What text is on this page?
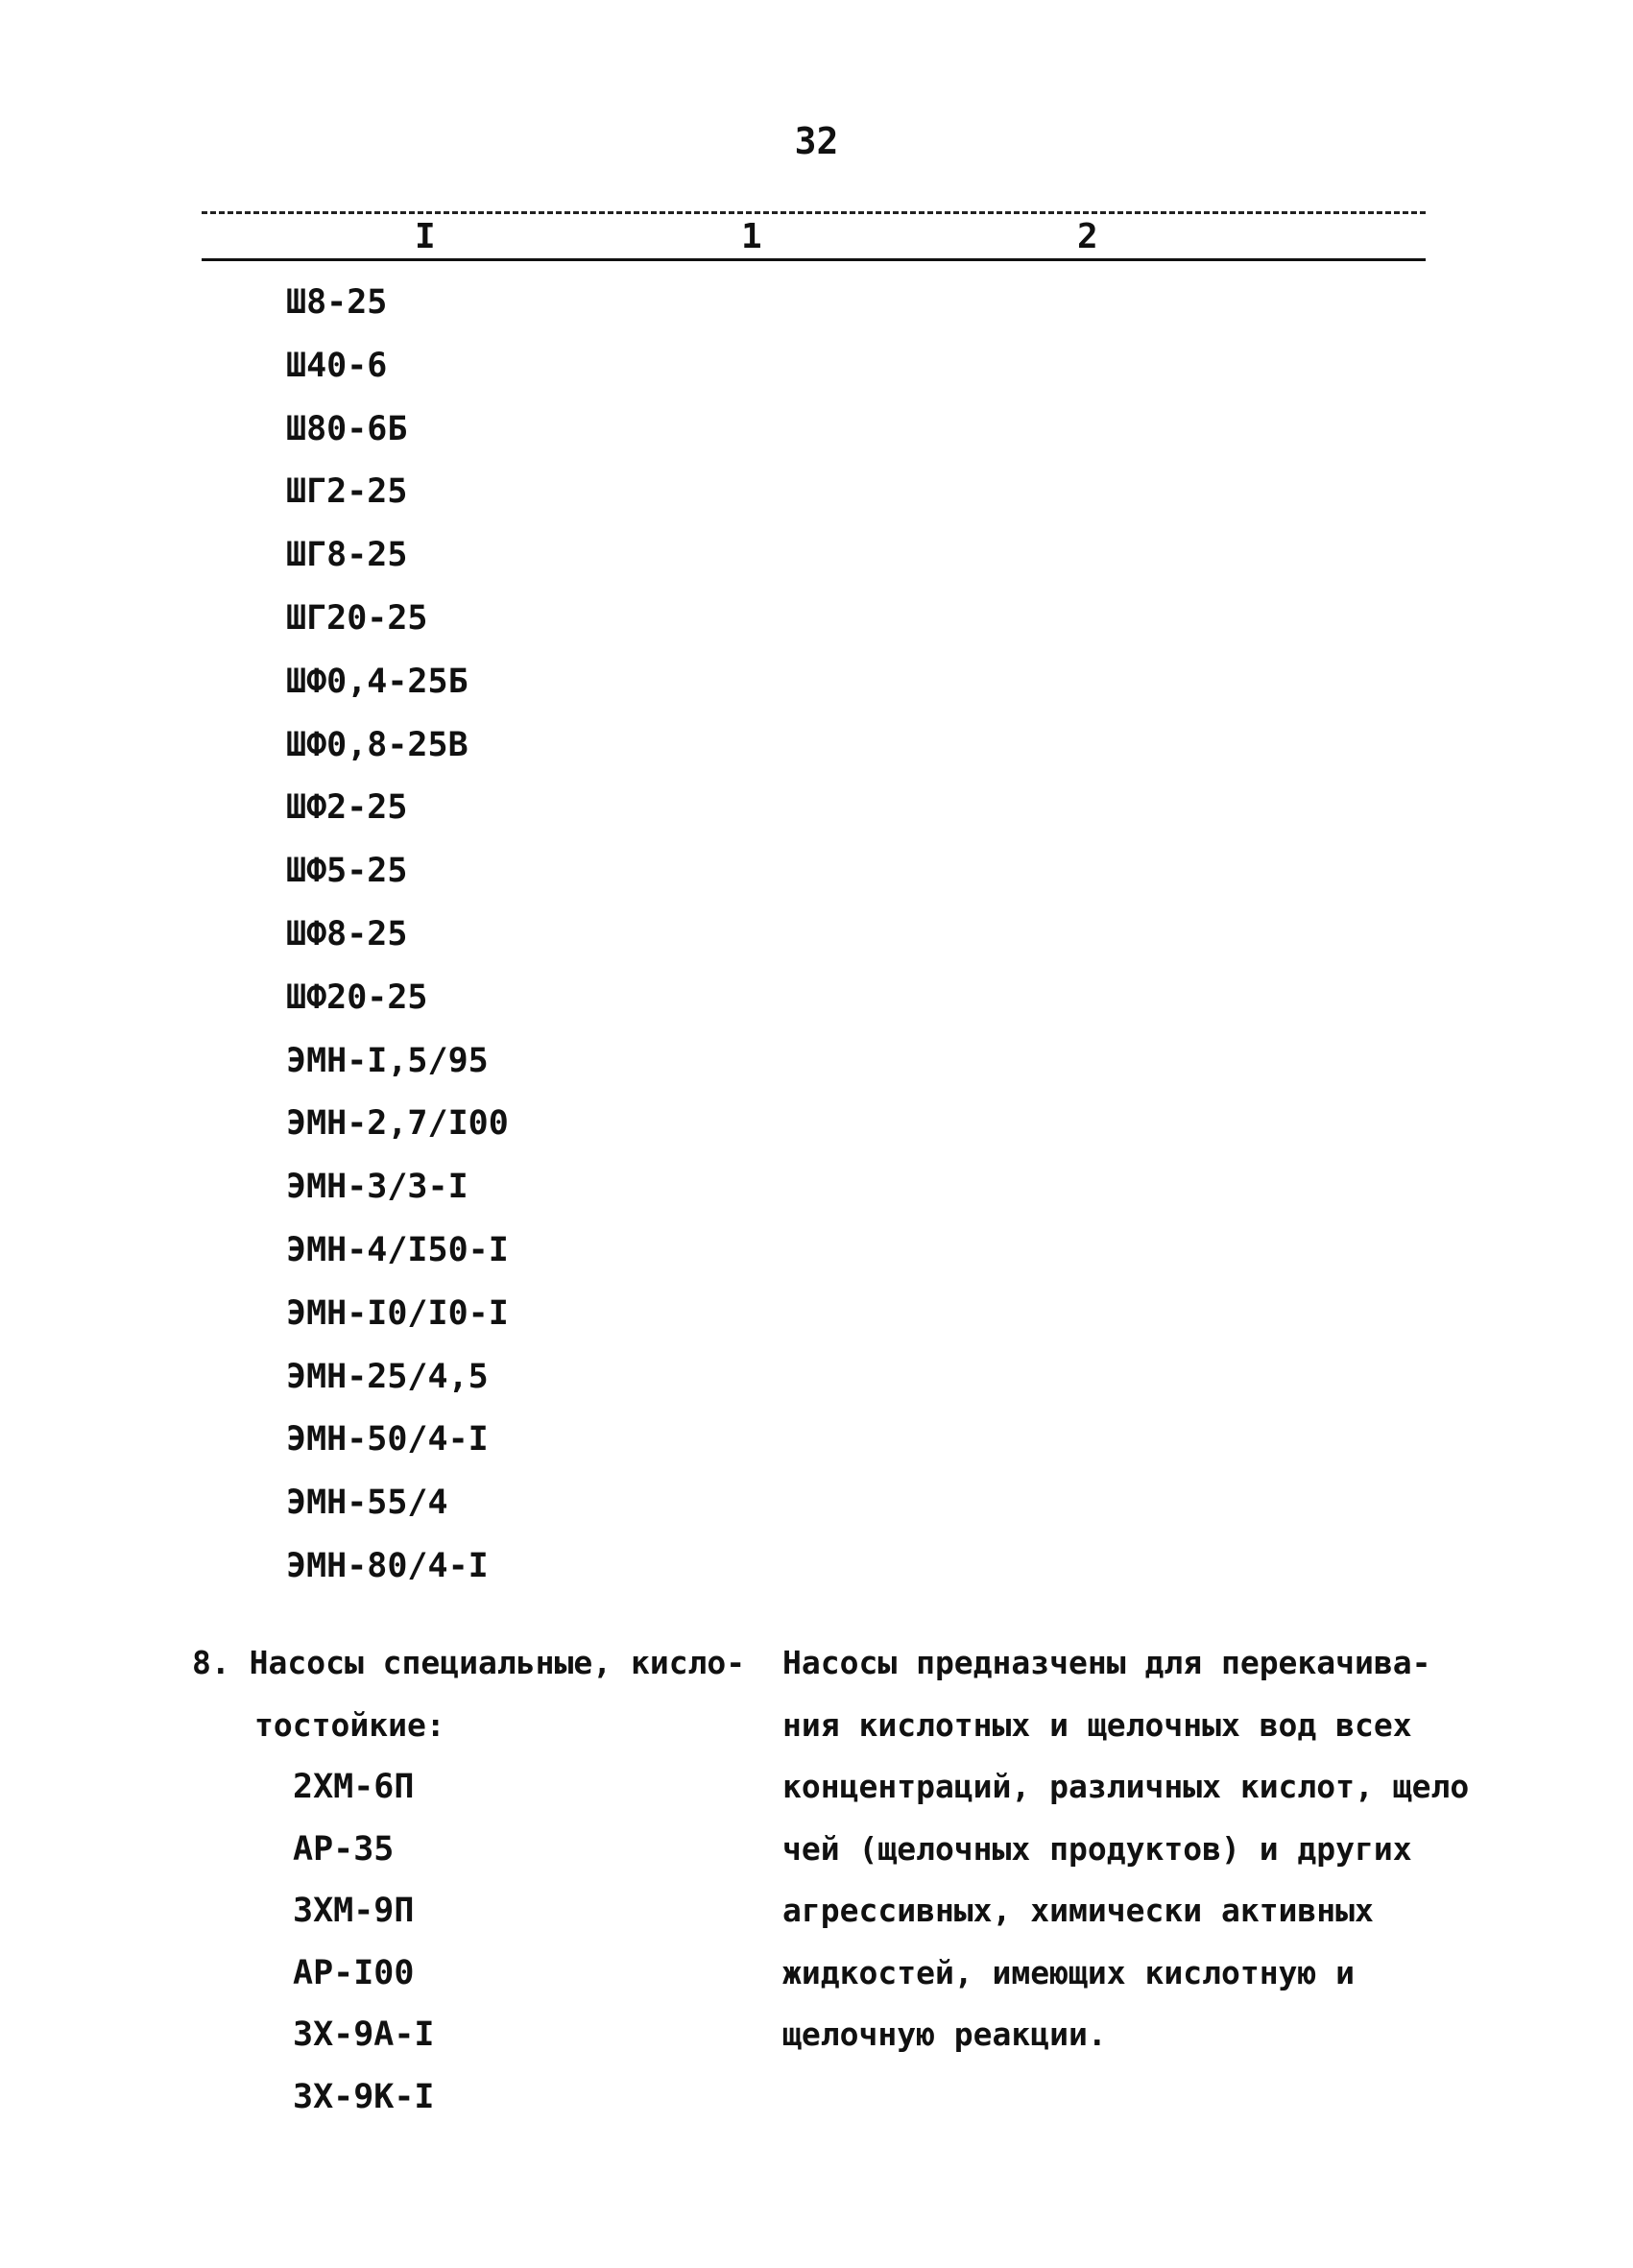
32
I	1	2
Ш8-25
Ш40-6
Ш80-6Б
ШГ2-25
ШГ8-25
ШГ20-25
ШФ0,4-25Б
ШФ0,8-25В
ШФ2-25
ШФ5-25
ШФ8-25
ШФ20-25
ЭМН-I,5/95
ЭМН-2,7/I00
ЭМН-3/3-I
ЭМН-4/I50-I
ЭМН-I0/I0-I
ЭМН-25/4,5
ЭМН-50/4-I
ЭМН-55/4
ЭМН-80/4-I
8. Насосы специальные, кисло-
тостойкие:
2ХМ-6П
АР-35
3ХМ-9П
АР-I00
3Х-9А-I
3Х-9К-I
Насосы предназчены для перекачива-
ния кислотных и щелочных вод всех
концентраций, различных кислот, щело
чей (щелочных продуктов) и других
агрессивных, химически активных
жидкостей, имеющих кислотную и
щелочную реакции.
